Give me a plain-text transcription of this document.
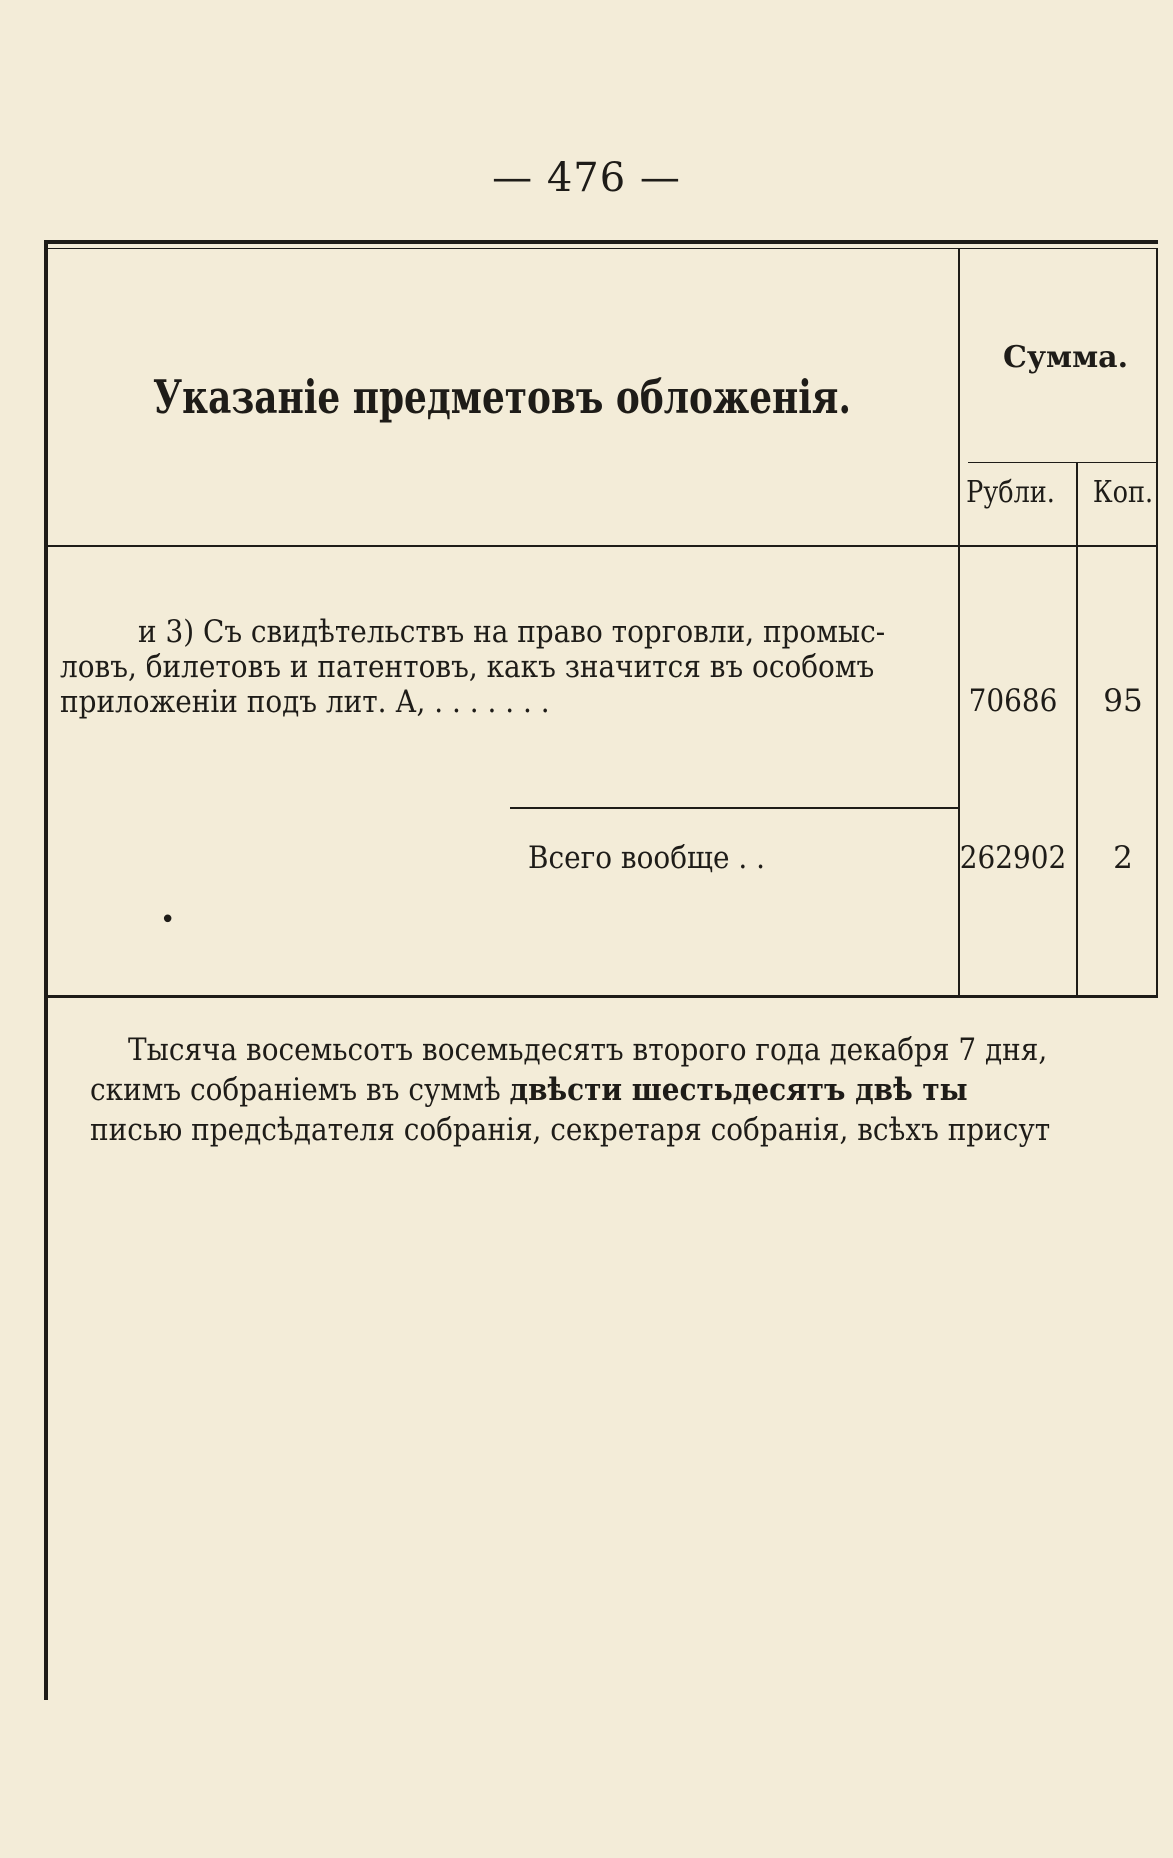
— 476 —
Указаніе предметовъ обложенія.
Сумма.
Рубли. Коп.
и 3) Съ свидѣтельствъ на право торговли, промыс-
ловъ, билетовъ и патентовъ, какъ значится въ особомъ
приложеніи подъ лит. А, . . . . . . .	70686	95
Всего вообще . .	262902	2
•
Тысяча восемьсотъ восемьдесятъ второго года декабря 7 дня,
скимъ собраніемъ въ суммѣ двѣсти шестьдесятъ двѣ ты
писью предсѣдателя собранія, секретаря собранія, всѣхъ присут
